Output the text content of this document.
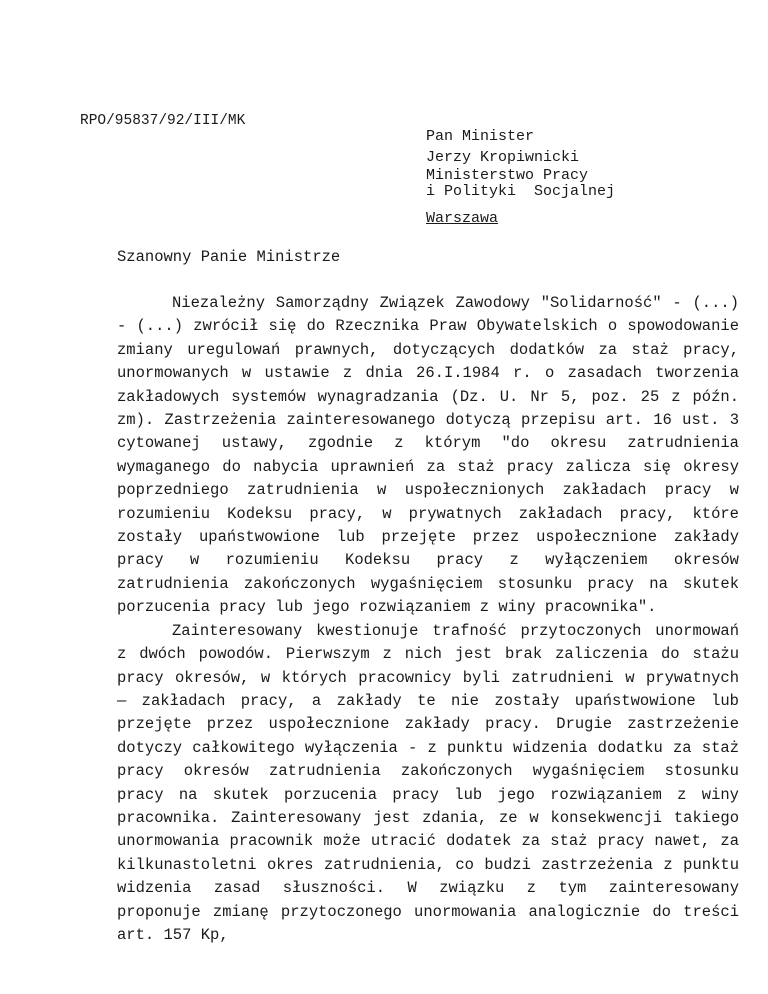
RPO/95837/92/III/MK
Pan Minister
Jerzy Kropiwnicki
Ministerstwo Pracy
i Polityki  Socjalnej
Warszawa
Szanowny Panie Ministrze

Niezależny Samorządny Związek Zawodowy "Solidarność" - (...) - (...) zwrócił się do Rzecznika Praw Obywatelskich o spowodowanie zmiany uregulowań prawnych, dotyczących dodatków za staż pracy, unormowanych w ustawie z dnia 26.I.1984 r. o zasadach tworzenia zakładowych systemów wynagradzania (Dz. U. Nr 5, poz. 25 z późn. zm). Zastrzeżenia zainteresowanego dotyczą przepisu art. 16 ust. 3 cytowanej ustawy, zgodnie z którym "do okresu zatrudnienia wymaganego do nabycia uprawnień za staż pracy zalicza się okresy poprzedniego zatrudnienia w uspołecznionych zakładach pracy w rozumieniu Kodeksu pracy, w prywatnych zakładach pracy, które zostały upaństwowione lub przejęte przez uspołecznione zakłady pracy w rozumieniu Kodeksu pracy z wyłączeniem okresów zatrudnienia zakończonych wygaśnięciem stosunku pracy na skutek porzucenia pracy lub jego rozwiązaniem z winy pracownika".

Zainteresowany kwestionuje trafność przytoczonych unormowań z dwóch powodów. Pierwszym z nich jest brak zaliczenia do stażu pracy okresów, w których pracownicy byli zatrudnieni w prywatnych — zakładach pracy, a zakłady te nie zostały upaństwowione lub przejęte przez uspołecznione zakłady pracy. Drugie zastrzeżenie dotyczy całkowitego wyłączenia - z punktu widzenia dodatku za staż pracy okresów zatrudnienia zakończonych wygaśnięciem stosunku pracy na skutek porzucenia pracy lub jego rozwiązaniem z winy pracownika. Zainteresowany jest zdania, ze w konsekwencji takiego unormowania pracownik może utracić dodatek za staż pracy nawet, za kilkunastoletni okres zatrudnienia, co budzi zastrzeżenia z punktu widzenia zasad słuszności. W związku z tym zainteresowany proponuje zmianę przytoczonego unormowania analogicznie do treści art. 157 Kp,
